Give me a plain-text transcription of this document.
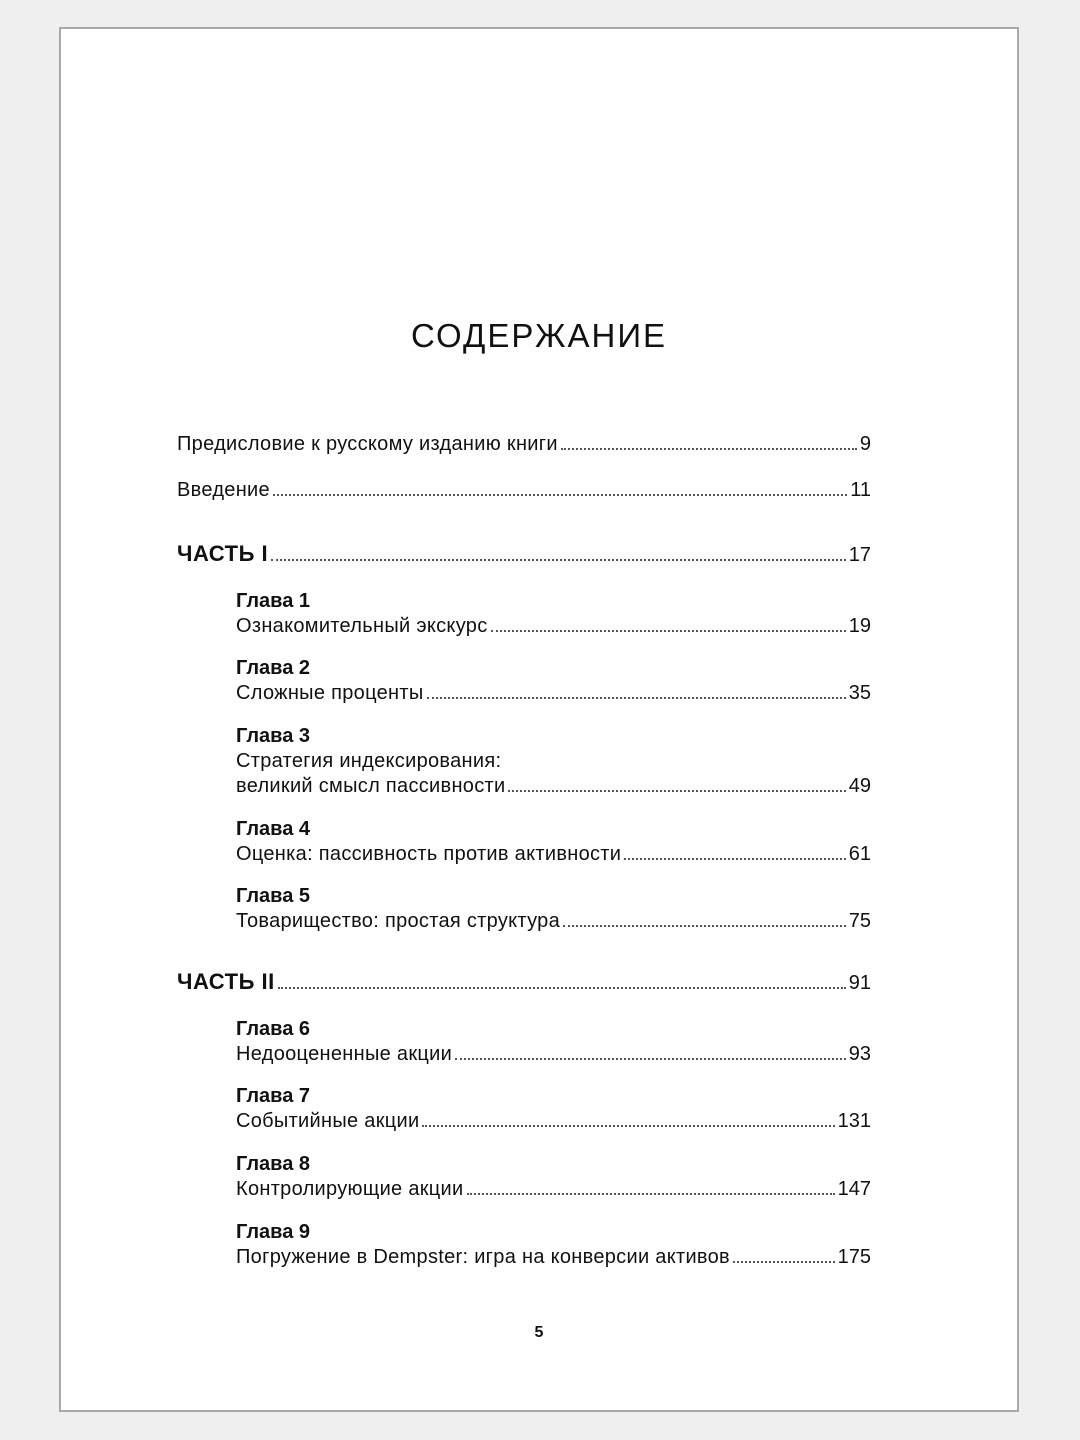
СОДЕРЖАНИЕ
Предисловие к русскому изданию книги	9
Введение	11
ЧАСТЬ I	17
Глава 1
Ознакомительный экскурс	19
Глава 2
Сложные проценты	35
Глава 3
Стратегия индексирования:
великий смысл пассивности	49
Глава 4
Оценка: пассивность против активности	61
Глава 5
Товарищество: простая структура	75
ЧАСТЬ II	91
Глава 6
Недооцененные акции	93
Глава 7
Событийные акции	131
Глава 8
Контролирующие акции	147
Глава 9
Погружение в Dempster: игра на конверсии активов	175
5
